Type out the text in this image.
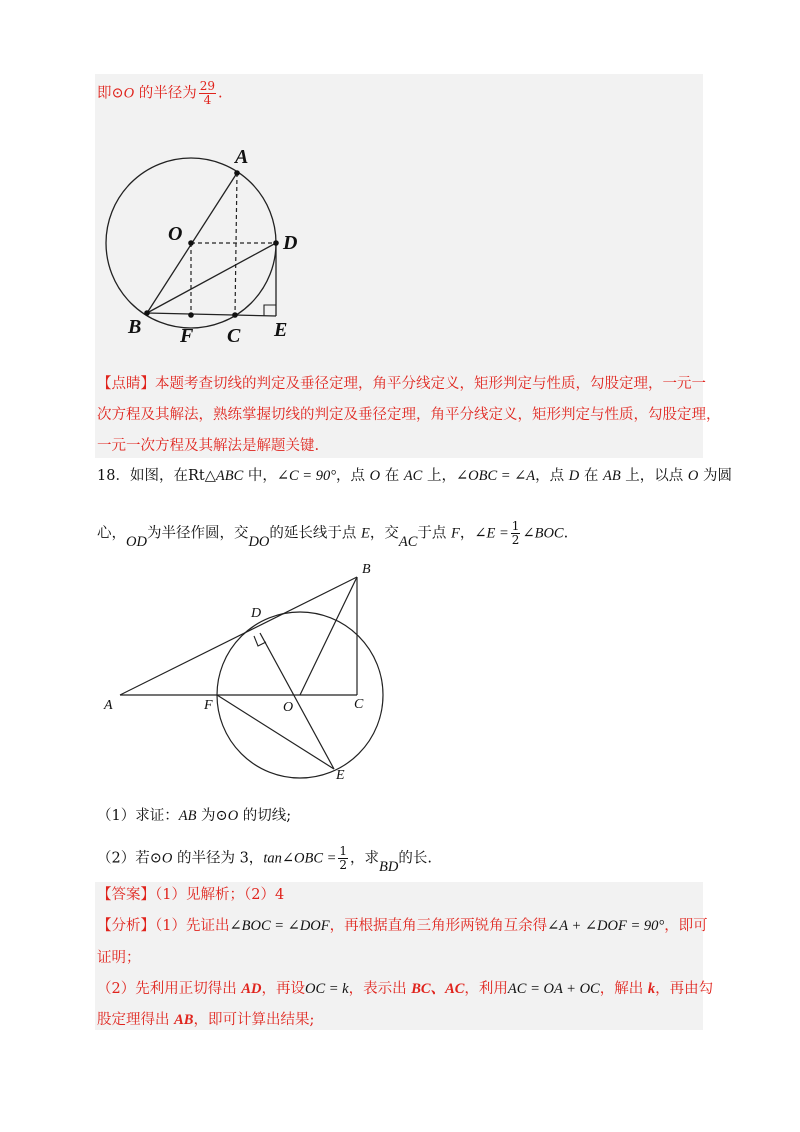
即⊙O 的半径为 $\frac{29}{4}$ .
A
O	D
B F C E
【点睛】本题考查切线的判定及垂径定理，角平分线定义，矩形判定与性质，勾股定理，一元一
次方程及其解法，熟练掌握切线的判定及垂径定理，角平分线定义，矩形判定与性质，勾股定理，
一元一次方程及其解法是解题关键.
18．如图，在Rt△ABC 中，∠C = 90°，点 O 在 AC 上，∠OBC = ∠A，点 D 在 AB 上，以点 O 为圆
心，OD为半径作圆，交DO的延长线于点 E，交AC于点 F，∠E = $\frac{1}{2}$ ∠BOC.
A
B
C
D
E
F	O
（1）求证：AB 为⊙O 的切线;
（2）若⊙O 的半径为 3，tan∠OBC = $\frac{1}{2}$ ，求BD的长.
【答案】（1）见解析；（2）4
【分析】（1）先证出∠BOC = ∠DOF，再根据直角三角形两锐角互余得∠A + ∠DOF = 90°，即可
证明；
（2）先利用正切得出 AD，再设OC = k，表示出 BC、AC，利用AC = OA + OC，解出 k，再由勾
股定理得出 AB，即可计算出结果;
